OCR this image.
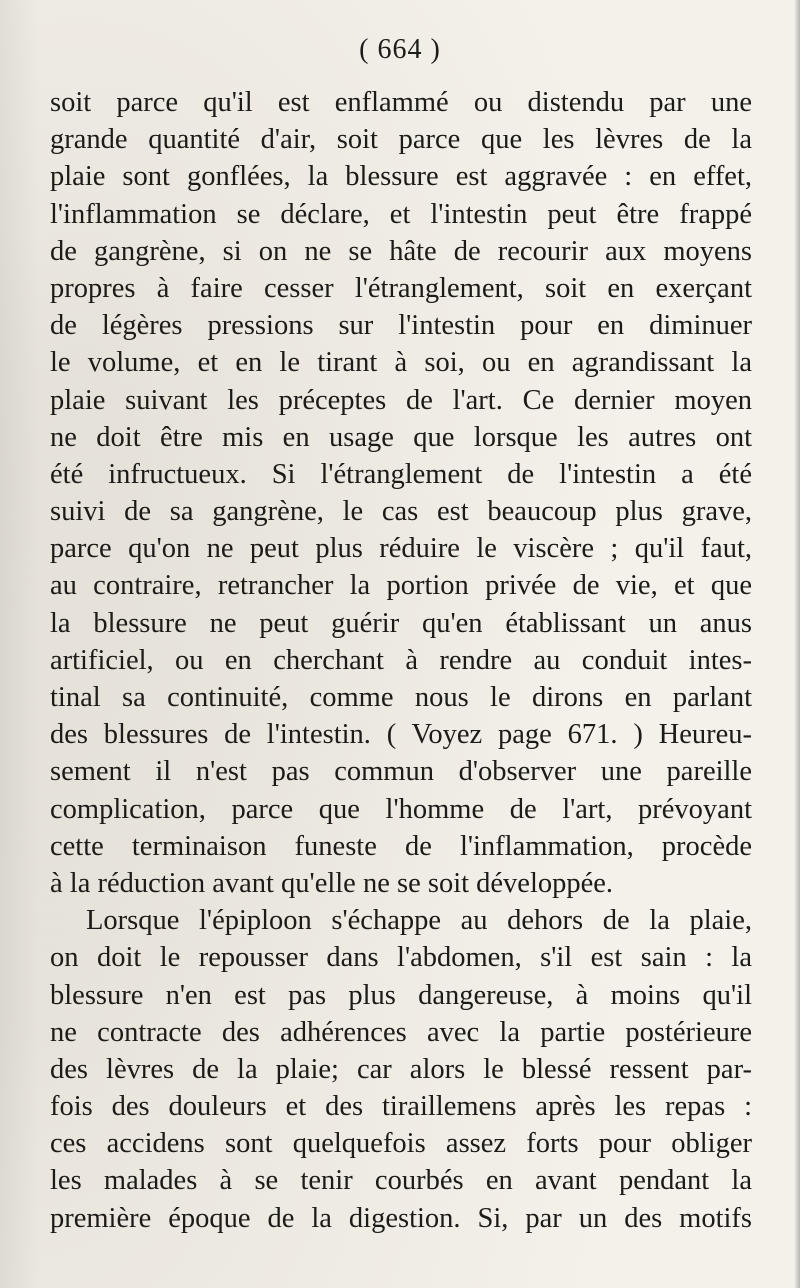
( 664 )
soit parce qu'il est enflammé ou distendu par une
grande quantité d'air, soit parce que les lèvres de la
plaie sont gonflées, la blessure est aggravée : en effet,
l'inflammation se déclare, et l'intestin peut être frappé
de gangrène, si on ne se hâte de recourir aux moyens
propres à faire cesser l'étranglement, soit en exerçant
de légères pressions sur l'intestin pour en diminuer
le volume, et en le tirant à soi, ou en agrandissant la
plaie suivant les préceptes de l'art. Ce dernier moyen
ne doit être mis en usage que lorsque les autres ont
été infructueux. Si l'étranglement de l'intestin a été
suivi de sa gangrène, le cas est beaucoup plus grave,
parce qu'on ne peut plus réduire le viscère ; qu'il faut,
au contraire, retrancher la portion privée de vie, et que
la blessure ne peut guérir qu'en établissant un anus
artificiel, ou en cherchant à rendre au conduit intes-
tinal sa continuité, comme nous le dirons en parlant
des blessures de l'intestin. ( Voyez page 671. ) Heureu-
sement il n'est pas commun d'observer une pareille
complication, parce que l'homme de l'art, prévoyant
cette terminaison funeste de l'inflammation, procède
à la réduction avant qu'elle ne se soit développée.
Lorsque l'épiploon s'échappe au dehors de la plaie,
on doit le repousser dans l'abdomen, s'il est sain : la
blessure n'en est pas plus dangereuse, à moins qu'il
ne contracte des adhérences avec la partie postérieure
des lèvres de la plaie; car alors le blessé ressent par-
fois des douleurs et des tiraillemens après les repas :
ces accidens sont quelquefois assez forts pour obliger
les malades à se tenir courbés en avant pendant la
première époque de la digestion. Si, par un des motifs
